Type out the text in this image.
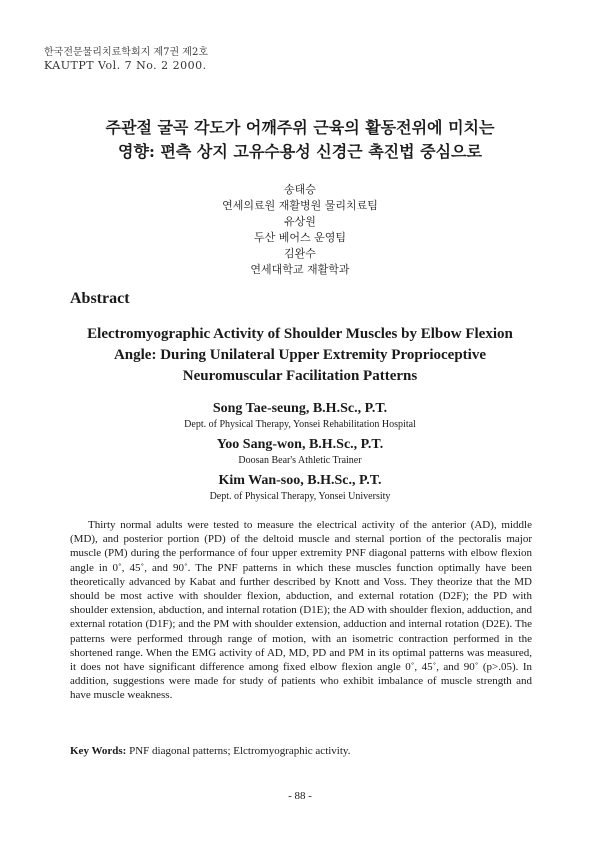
한국전문물리치료학회지 제7권 제2호
KAUTPT Vol. 7 No. 2 2000.
주관절 굴곡 각도가 어깨주위 근육의 활동전위에 미치는
영향: 편측 상지 고유수용성 신경근 촉진법 중심으로
송태승
연세의료원 재활병원 물리치료팀
유상원
두산 베어스 운영팀
김완수
연세대학교 재활학과
Abstract
Electromyographic Activity of Shoulder Muscles by Elbow Flexion
Angle: During Unilateral Upper Extremity Proprioceptive
Neuromuscular Facilitation Patterns
Song Tae-seung, B.H.Sc., P.T.
Dept. of Physical Therapy, Yonsei Rehabilitation Hospital
Yoo Sang-won, B.H.Sc., P.T.
Doosan Bear's Athletic Trainer
Kim Wan-soo, B.H.Sc., P.T.
Dept. of Physical Therapy, Yonsei University
Thirty normal adults were tested to measure the electrical activity of the anterior (AD), middle (MD), and posterior portion (PD) of the deltoid muscle and sternal portion of the pectoralis major muscle (PM) during the performance of four upper extremity PNF diagonal patterns with elbow flexion angle in 0˚, 45˚, and 90˚. The PNF patterns in which these muscles function optimally have been theoretically advanced by Kabat and further described by Knott and Voss. They theorize that the MD should be most active with shoulder flexion, abduction, and external rotation (D2F); the PD with shoulder extension, abduction, and internal rotation (D1E); the AD with shoulder flexion, adduction, and external rotation (D1F); and the PM with shoulder extension, adduction and internal rotation (D2E). The patterns were performed through range of motion, with an isometric contraction performed in the shortened range. When the EMG activity of AD, MD, PD and PM in its optimal patterns was measured, it does not have significant difference among fixed elbow flexion angle 0˚, 45˚, and 90˚ (p>.05). In addition, suggestions were made for study of patients who exhibit imbalance of muscle strength and have muscle weakness.
Key Words: PNF diagonal patterns; Elctromyographic activity.
- 88 -
